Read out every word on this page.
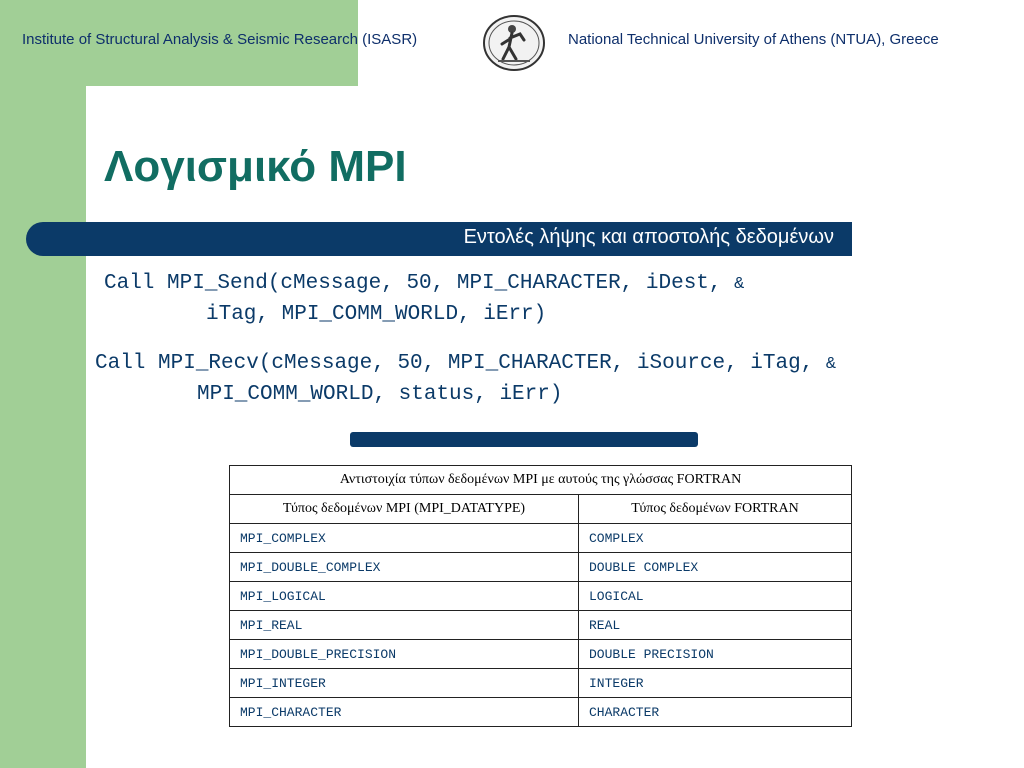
Institute of Structural Analysis & Seismic Research (ISASR)	National Technical University of Athens (NTUA), Greece
Λογισμικό MPI
Εντολές λήψης και αποστολής δεδομένων
Call MPI_Send(cMessage, 50, MPI_CHARACTER, iDest, &
iTag, MPI_COMM_WORLD, iErr)
Call MPI_Recv(cMessage, 50, MPI_CHARACTER, iSource, iTag, &
MPI_COMM_WORLD, status, iErr)
Αντιστοιχία τύπων δεδομένων MPI με αυτούς της γλώσσας FORTRAN	
Τύπος δεδομένων MPI (MPI_DATATYPE)	Τύπος δεδομένων FORTRAN
MPI_COMPLEX	COMPLEX
MPI_DOUBLE_COMPLEX	DOUBLE COMPLEX
MPI_LOGICAL	LOGICAL
MPI_REAL	REAL
MPI_DOUBLE_PRECISION	DOUBLE PRECISION
MPI_INTEGER	INTEGER
MPI_CHARACTER	CHARACTER
